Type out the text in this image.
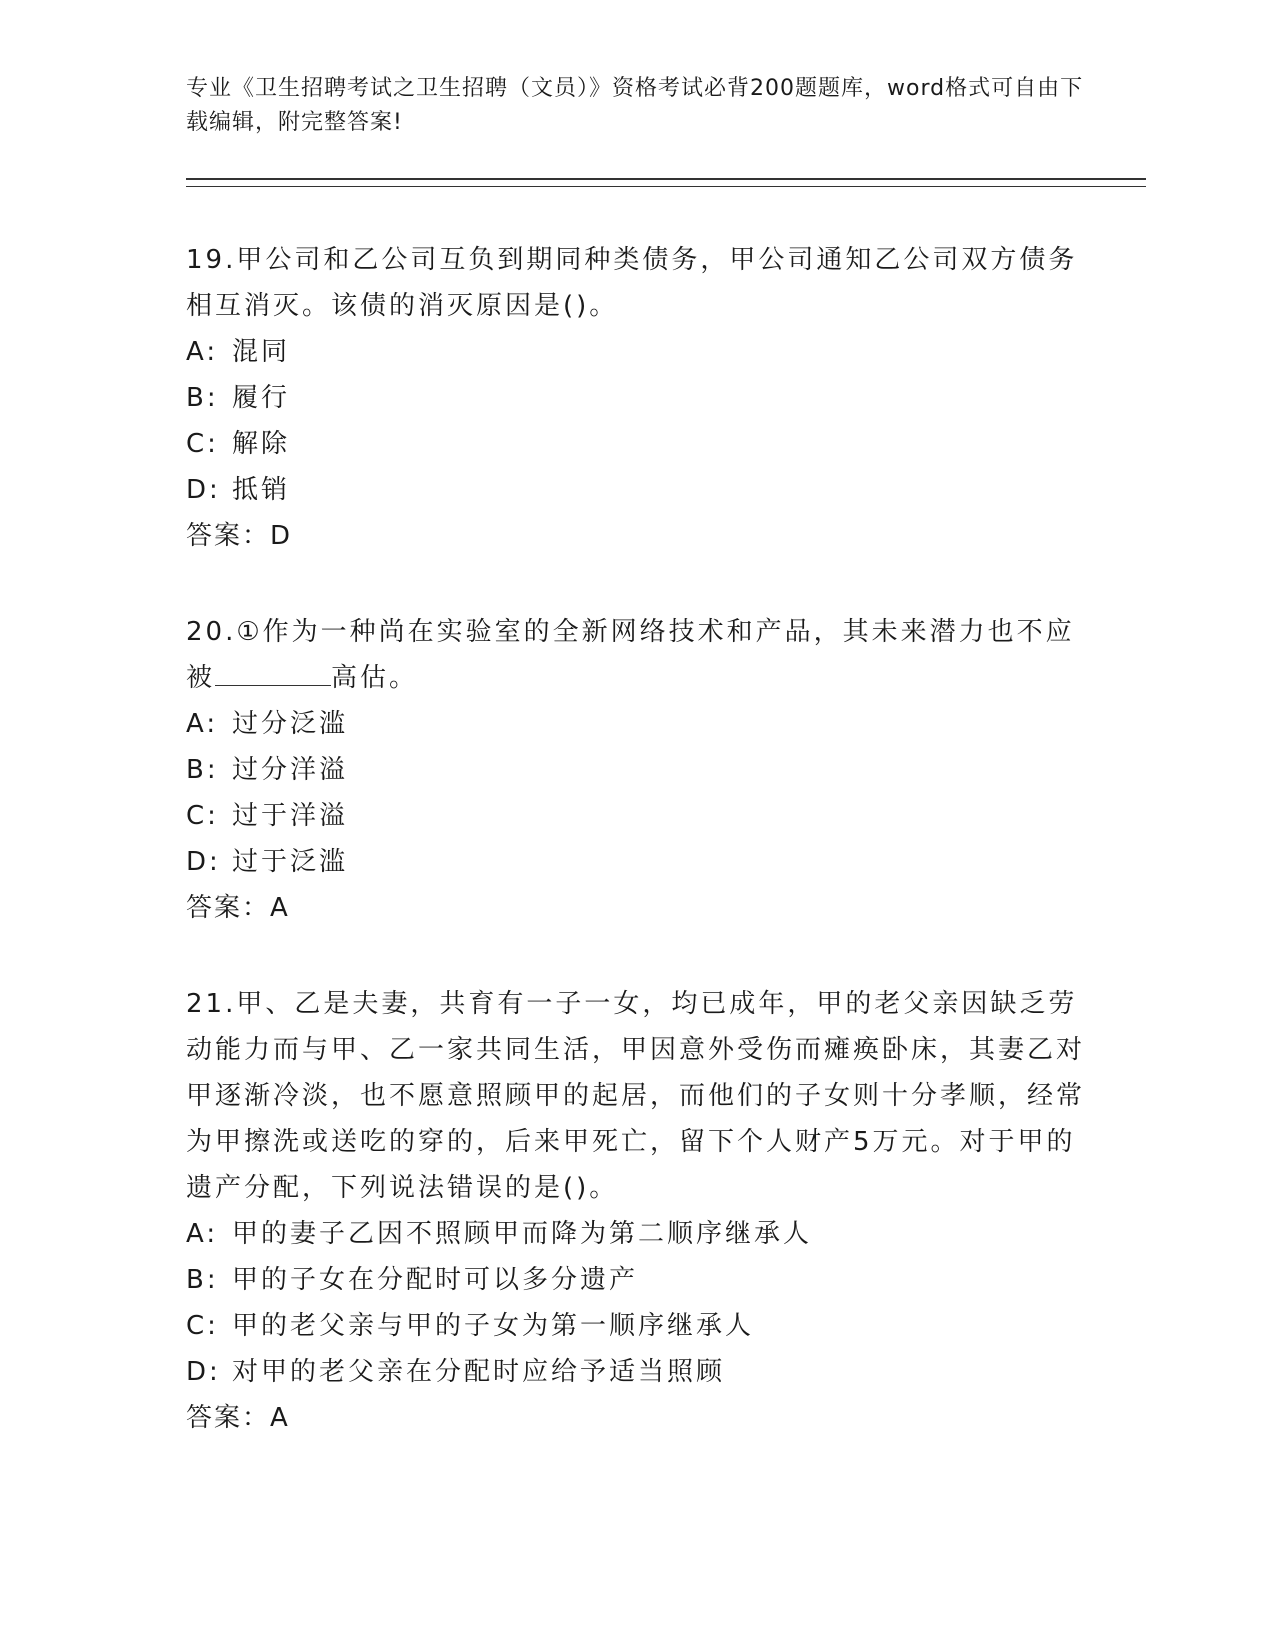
专业《卫生招聘考试之卫生招聘（文员）》资格考试必背200题题库，word格式可自由下载编辑，附完整答案!
19.甲公司和乙公司互负到期同种类债务，甲公司通知乙公司双方债务相互消灭。该债的消灭原因是()。
A: 混同
B: 履行
C: 解除
D: 抵销
答案：D
20.①作为一种尚在实验室的全新网络技术和产品，其未来潜力也不应被	高估。
A: 过分泛滥
B: 过分洋溢
C: 过于洋溢
D: 过于泛滥
答案：A
21.甲、乙是夫妻，共育有一子一女，均已成年，甲的老父亲因缺乏劳动能力而与甲、乙一家共同生活，甲因意外受伤而瘫痪卧床，其妻乙对甲逐渐冷淡，也不愿意照顾甲的起居，而他们的子女则十分孝顺，经常为甲擦洗或送吃的穿的，后来甲死亡，留下个人财产5万元。对于甲的遗产分配，下列说法错误的是()。
A: 甲的妻子乙因不照顾甲而降为第二顺序继承人
B: 甲的子女在分配时可以多分遗产
C: 甲的老父亲与甲的子女为第一顺序继承人
D: 对甲的老父亲在分配时应给予适当照顾
答案：A
